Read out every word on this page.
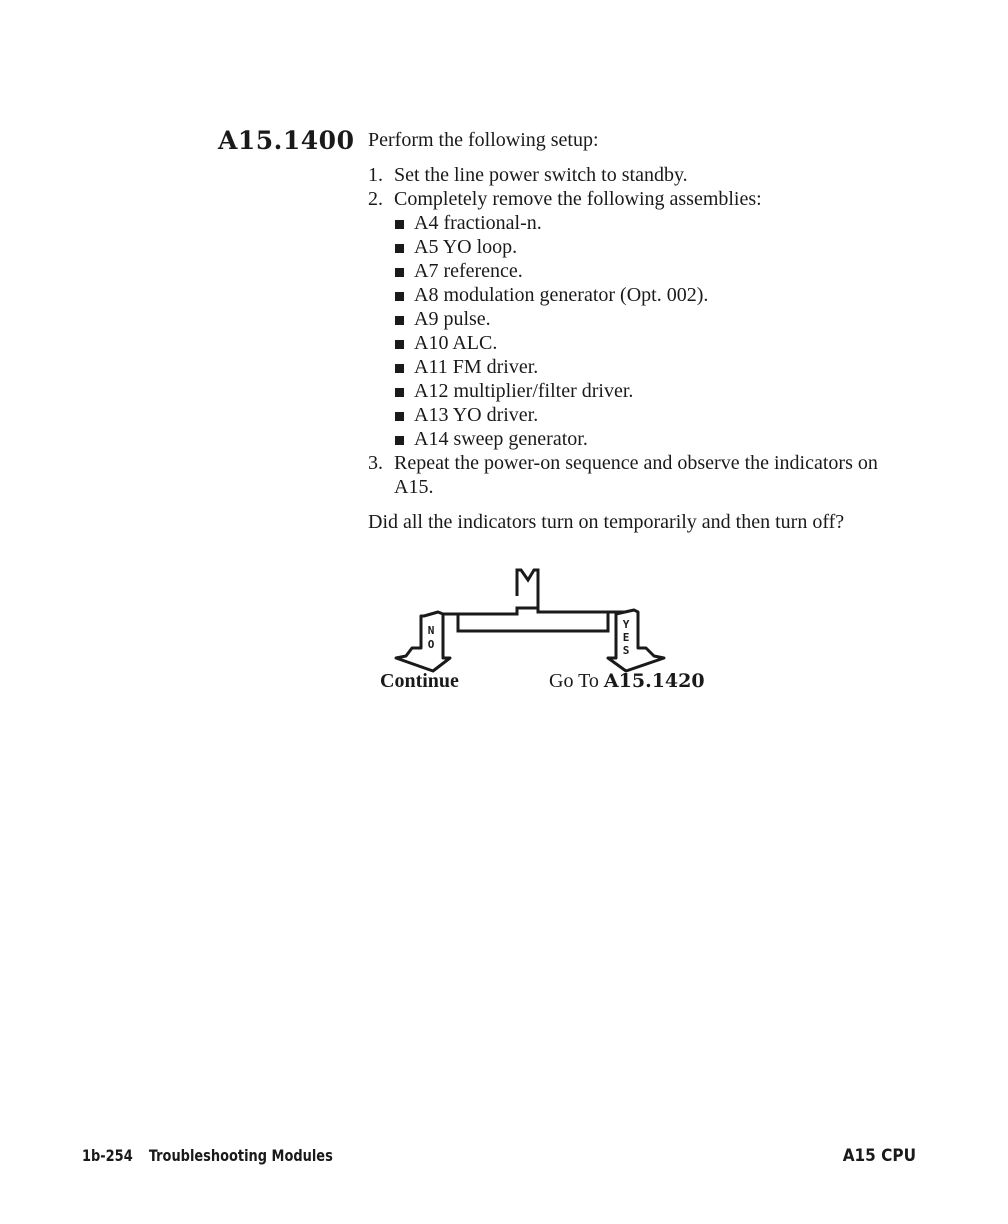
A15.1400 Perform the following setup:

1. Set the line power switch to standby.
2. Completely remove the following assemblies:
A4 fractional-n.
A5 YO loop.
A7 reference.
A8 modulation generator (Opt. 002).
A9 pulse.
A10 ALC.
A11 FM driver.
A12 multiplier/filter driver.
A13 YO driver.
A14 sweep generator.
3. Repeat the power-on sequence and observe the indicators on A15.

Did all the indicators turn on temporarily and then turn off?

N
O
Y
E
S
Continue	Go To A15.1420
1b-254 Troubleshooting Modules	A15 CPU
